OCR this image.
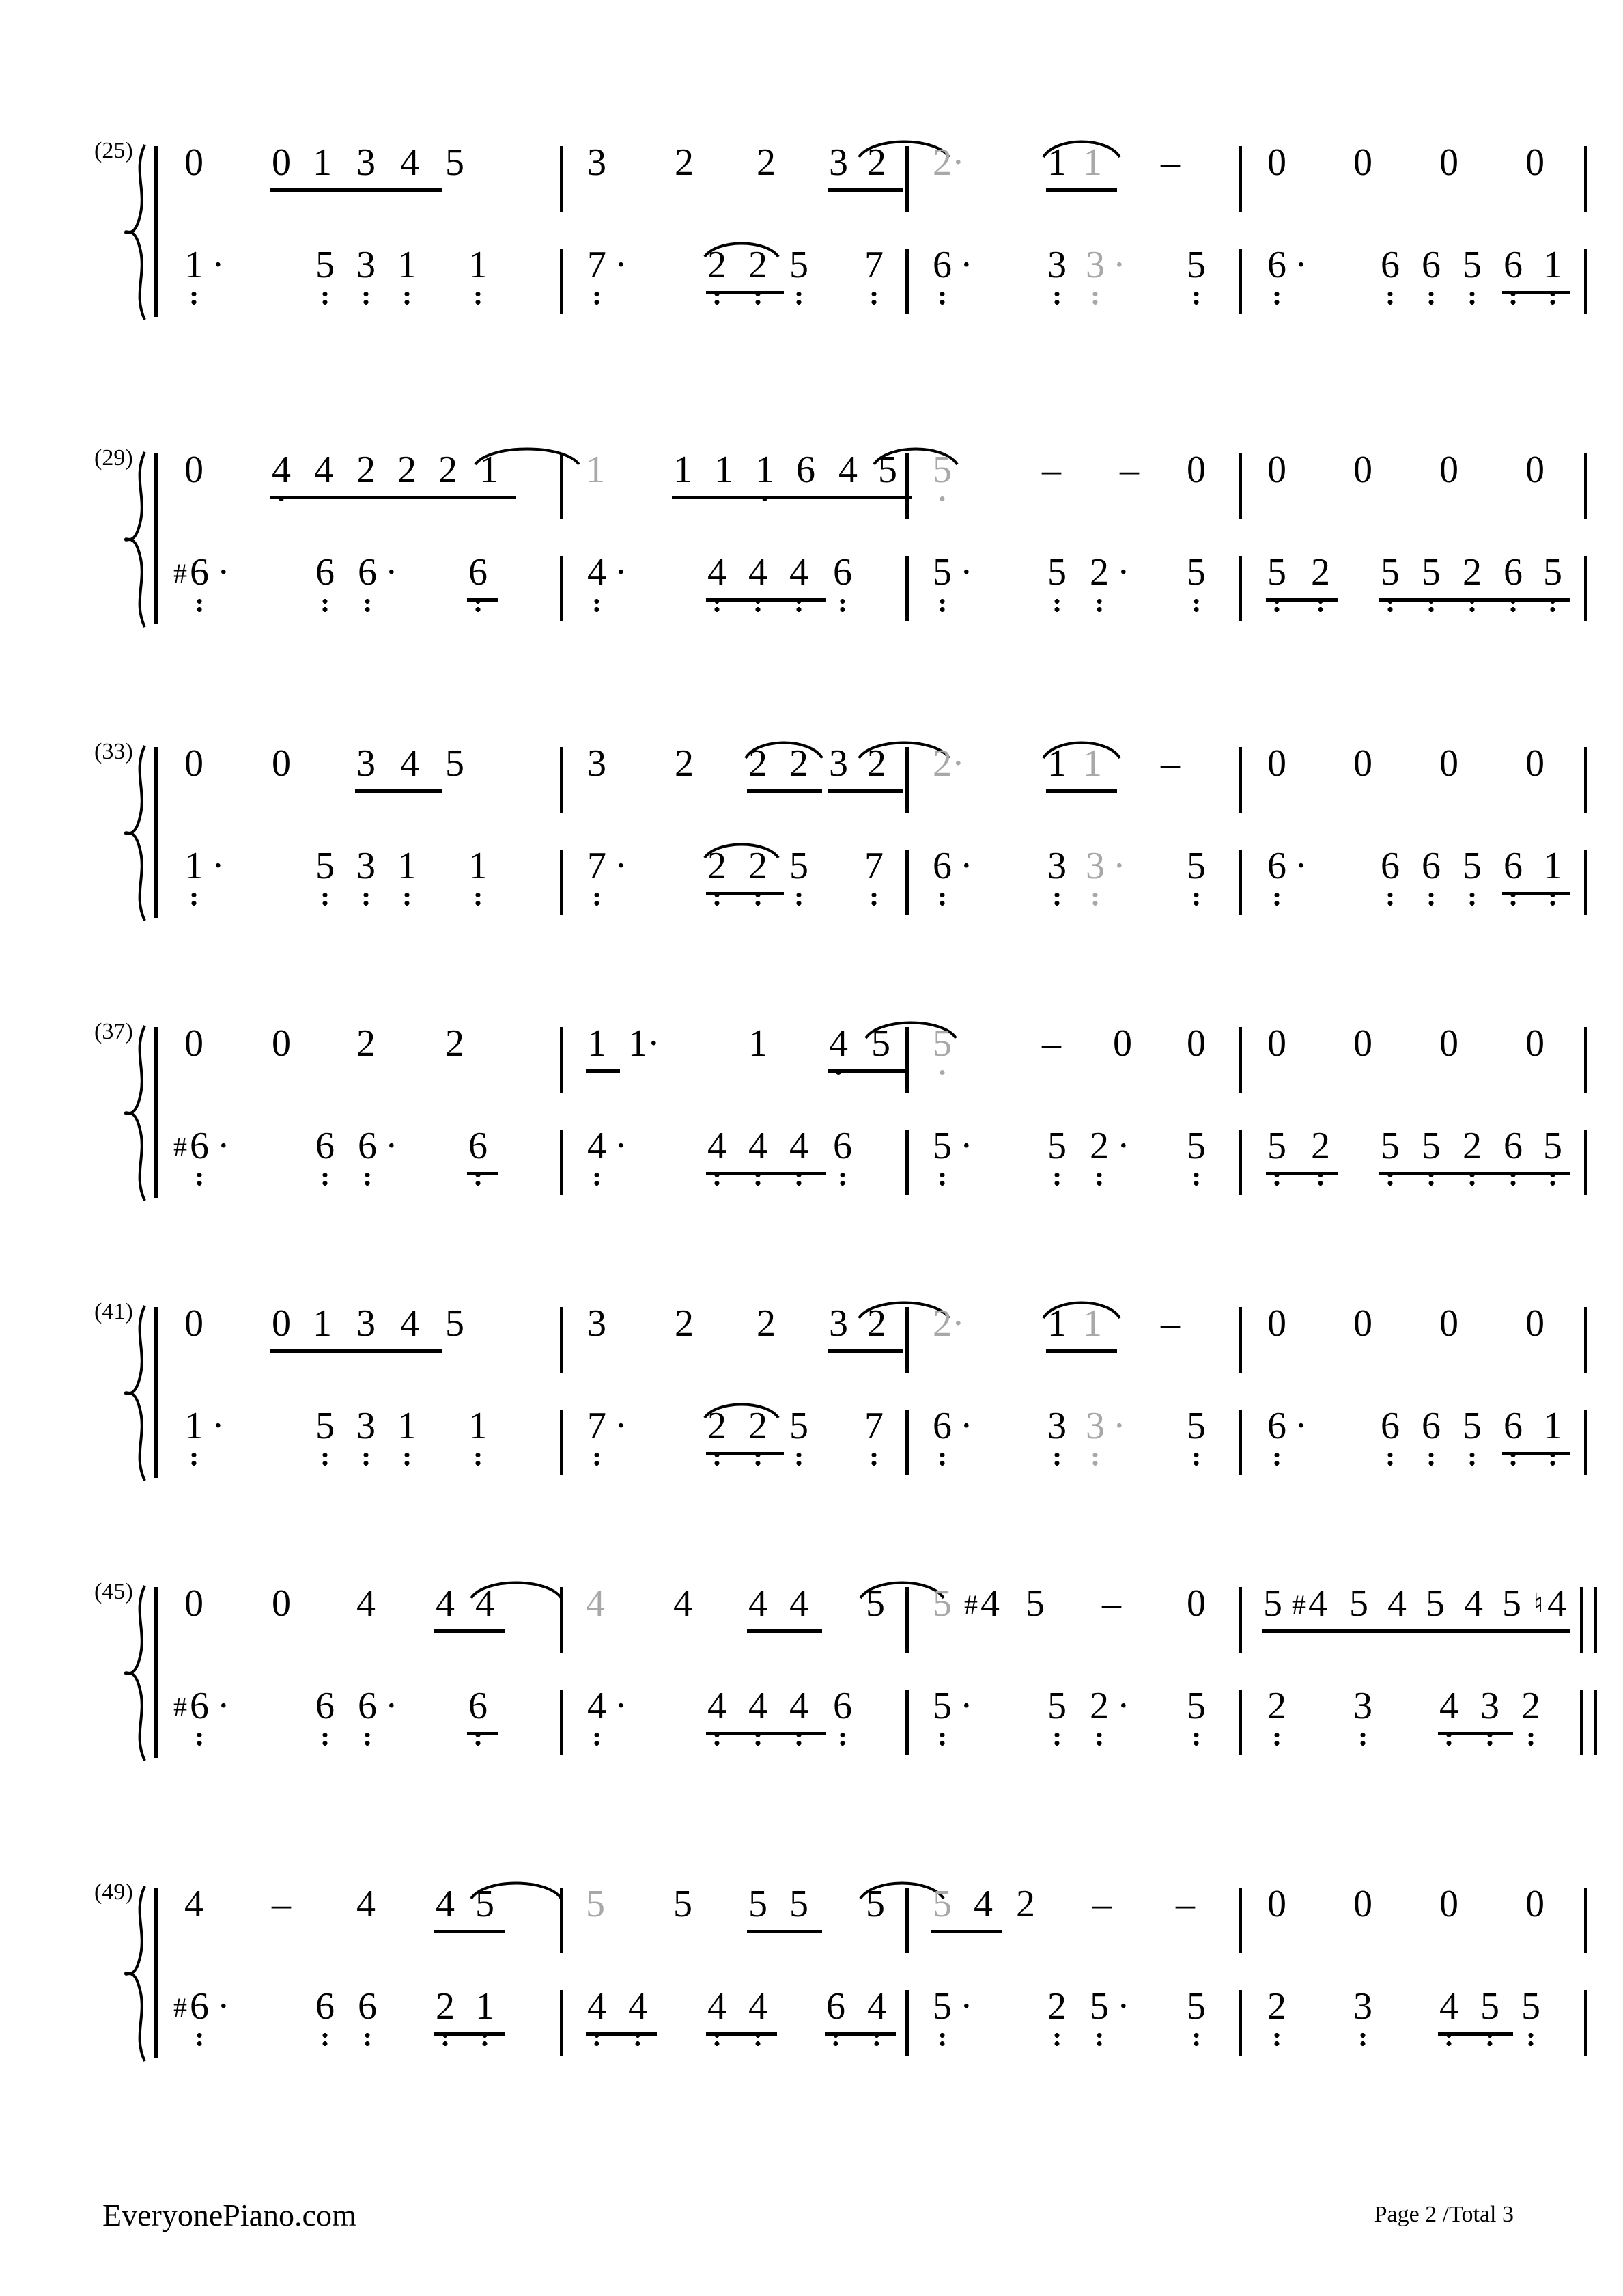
(25) 0 0 1 3 4 5	3 2 2 3 2 2· 1 1 – 0 0 0 0
1 · 5 3 1 1	7 · 2 2 5 7 6 · 3 3 · 5 6 · 6 6 5 6 1
(29) 0 4 4 2 2 2 1 1 1 1 1 6 4 5 5 – – 0 0 0 0 0
# 6 · 6 6 · 6	4 · 4 4 4 6 5 · 5 2 · 5 5 2 5 5 2 6 5
(33) 0 0 3 4 5	3 2 2 2 3 2 2· 1 1 – 0 0 0 0
1 · 5 3 1 1	7 · 2 2 5 7 6 · 3 3 · 5 6 · 6 6 5 6 1
(37) 0 0 2 2	1 1· 1 4 5 5 – 0 0 0 0 0 0
# 6 · 6 6 · 6	4 · 4 4 4 6 5 · 5 2 · 5 5 2 5 5 2 6 5
(41) 0 0 1 3 4 5	3 2 2 3 2 2· 1 1 – 0 0 0 0
1 · 5 3 1 1	7 · 2 2 5 7 6 · 3 3 · 5 6 · 6 6 5 6 1
(45) 0 0 4 4 4 4 4 4 4 5 5 # 4 5 – 0 5 # 4 5 4 5 4 5 ♮ 4
# 6 · 6 6 · 6	4 · 4 4 4 6 5 · 5 2 · 5 2 3 4 3 2
(49) 4 – 4 4 5 5 5 5 5 5 5 4 2 – – 0 0 0 0
# 6 · 6 6 2 1 4 4 4 4 6 4 5 · 2 5 · 5 2 3 4 5 5
EveryonePiano.com	Page 2 /Total 3
